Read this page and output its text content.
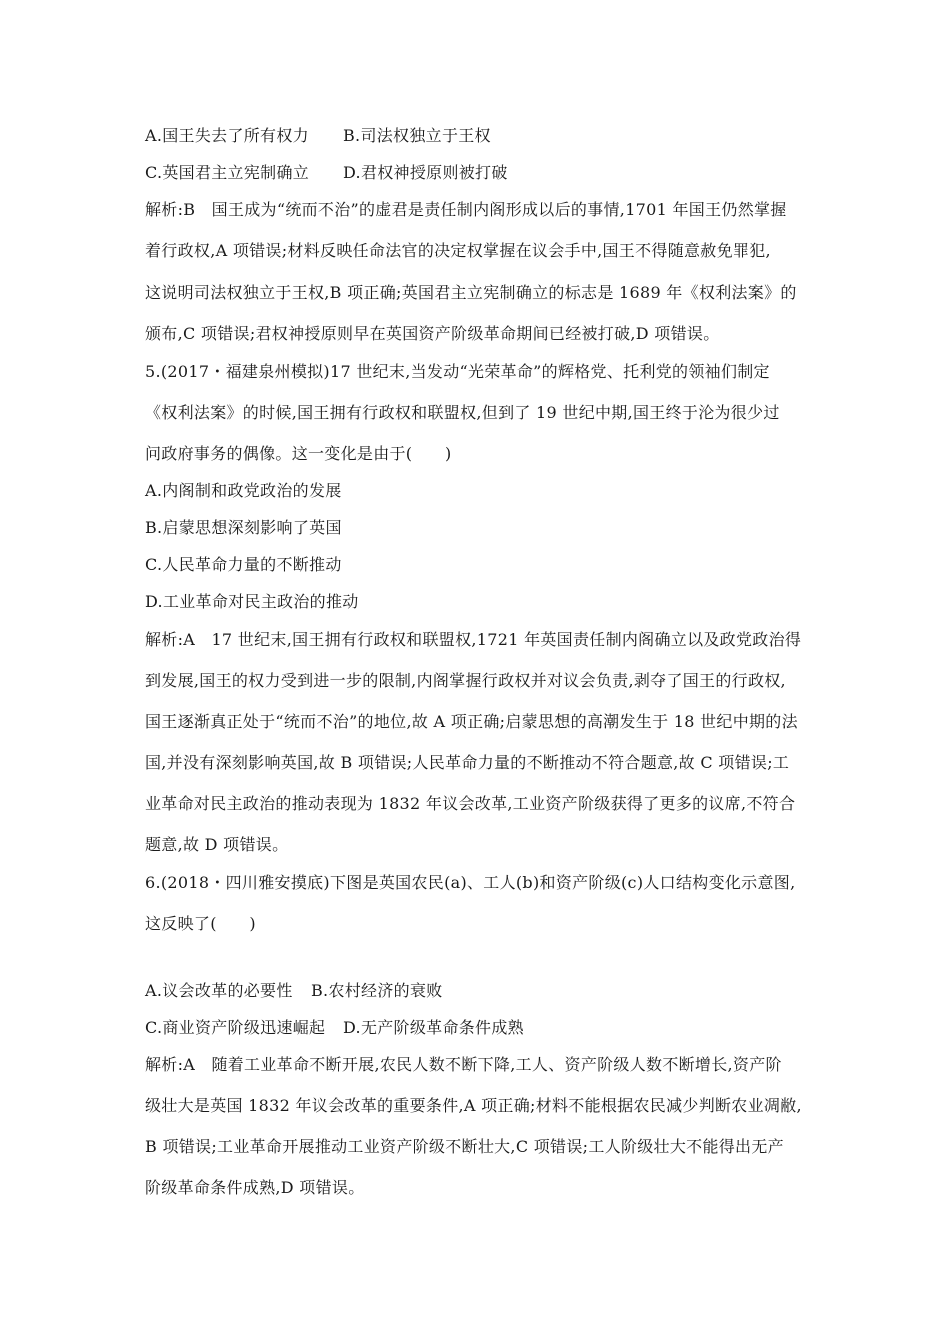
A.国王失去了所有权力 B.司法权独立于王权
C.英国君主立宪制确立 D.君权神授原则被打破
解析:B　国王成为“统而不治”的虚君是责任制内阁形成以后的事情,1701 年国王仍然掌握
着行政权,A 项错误;材料反映任命法官的决定权掌握在议会手中,国王不得随意赦免罪犯,
这说明司法权独立于王权,B 项正确;英国君主立宪制确立的标志是 1689 年《权利法案》的
颁布,C 项错误;君权神授原则早在英国资产阶级革命期间已经被打破,D 项错误。
5.(2017・福建泉州模拟)17 世纪末,当发动“光荣革命”的辉格党、托利党的领袖们制定
《权利法案》的时候,国王拥有行政权和联盟权,但到了 19 世纪中期,国王终于沦为很少过
问政府事务的偶像。这一变化是由于(　　)
A.内阁制和政党政治的发展
B.启蒙思想深刻影响了英国
C.人民革命力量的不断推动
D.工业革命对民主政治的推动
解析:A　17 世纪末,国王拥有行政权和联盟权,1721 年英国责任制内阁确立以及政党政治得
到发展,国王的权力受到进一步的限制,内阁掌握行政权并对议会负责,剥夺了国王的行政权,
国王逐渐真正处于“统而不治”的地位,故 A 项正确;启蒙思想的高潮发生于 18 世纪中期的法
国,并没有深刻影响英国,故 B 项错误;人民革命力量的不断推动不符合题意,故 C 项错误;工
业革命对民主政治的推动表现为 1832 年议会改革,工业资产阶级获得了更多的议席,不符合
题意,故 D 项错误。
6.(2018・四川雅安摸底)下图是英国农民(a)、工人(b)和资产阶级(c)人口结构变化示意图,
这反映了(　　)
A.议会改革的必要性 B.农村经济的衰败
C.商业资产阶级迅速崛起 D.无产阶级革命条件成熟
解析:A　随着工业革命不断开展,农民人数不断下降,工人、资产阶级人数不断增长,资产阶
级壮大是英国 1832 年议会改革的重要条件,A 项正确;材料不能根据农民减少判断农业凋敝,
B 项错误;工业革命开展推动工业资产阶级不断壮大,C 项错误;工人阶级壮大不能得出无产
阶级革命条件成熟,D 项错误。
